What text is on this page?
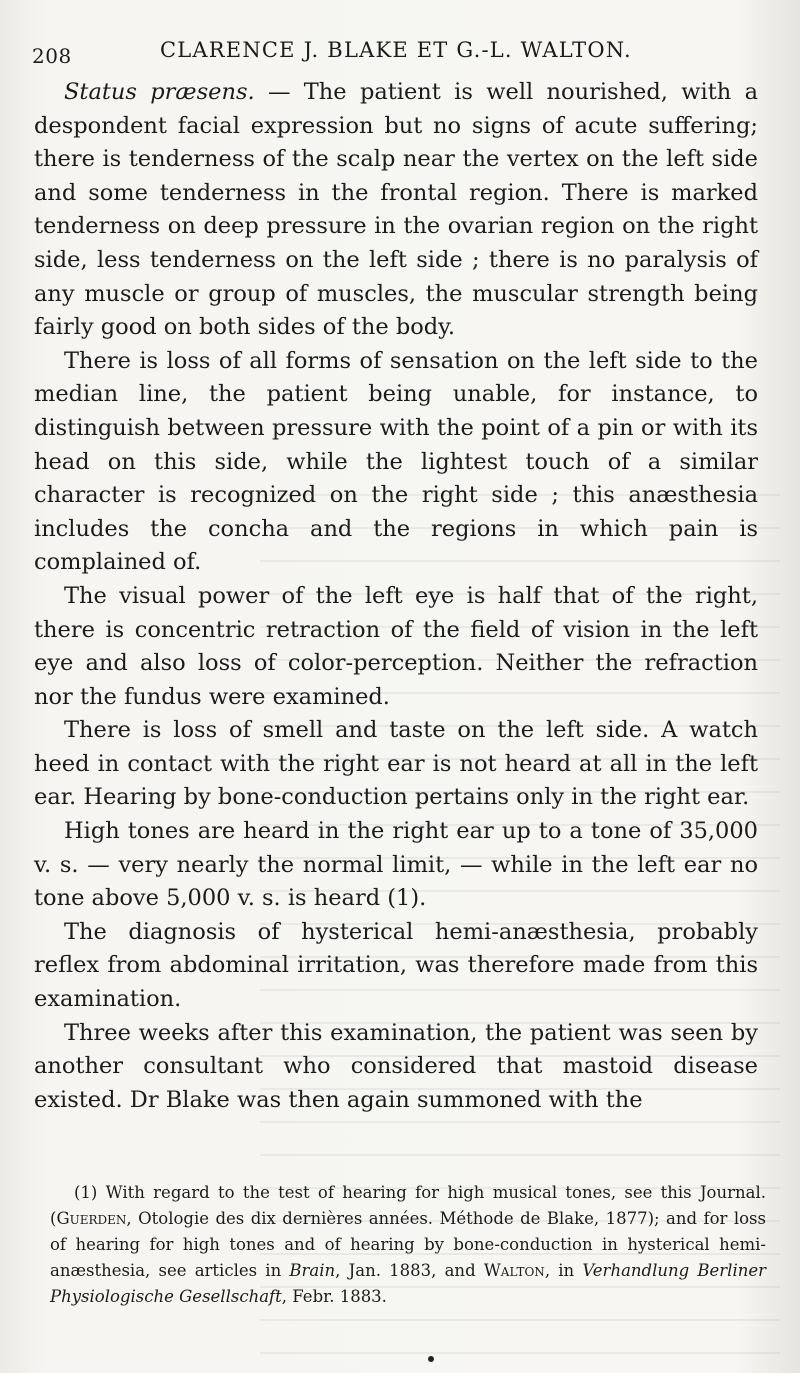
208	CLARENCE J. BLAKE ET G.-L. WALTON.

Status præsens. — The patient is well nourished, with a despondent facial expression but no signs of acute suffering; there is tenderness of the scalp near the vertex on the left side and some tenderness in the frontal region. There is marked tenderness on deep pressure in the ovarian region on the right side, less tenderness on the left side ; there is no paralysis of any muscle or group of muscles, the muscular strength being fairly good on both sides of the body.

There is loss of all forms of sensation on the left side to the median line, the patient being unable, for instance, to distinguish between pressure with the point of a pin or with its head on this side, while the lightest touch of a similar character is recognized on the right side ; this anæsthesia includes the concha and the regions in which pain is complained of.

The visual power of the left eye is half that of the right, there is concentric retraction of the field of vision in the left eye and also loss of color-perception. Neither the refraction nor the fundus were examined.

There is loss of smell and taste on the left side. A watch heed in contact with the right ear is not heard at all in the left ear. Hearing by bone-conduction pertains only in the right ear.

High tones are heard in the right ear up to a tone of 35,000 v. s. — very nearly the normal limit, — while in the left ear no tone above 5,000 v. s. is heard (1).

The diagnosis of hysterical hemi-anæsthesia, probably reflex from abdominal irritation, was therefore made from this examination.

Three weeks after this examination, the patient was seen by another consultant who considered that mastoid disease existed. Dr Blake was then again summoned with the

(1) With regard to the test of hearing for high musical tones, see this Journal. (Guerden, Otologie des dix dernières années. Méthode de Blake, 1877); and for loss of hearing for high tones and of hearing by bone-conduction in hysterical hemi-anæsthesia, see articles in Brain, Jan. 1883, and Walton, in Verhandlung Berliner Physiologische Gesellschaft, Febr. 1883.
